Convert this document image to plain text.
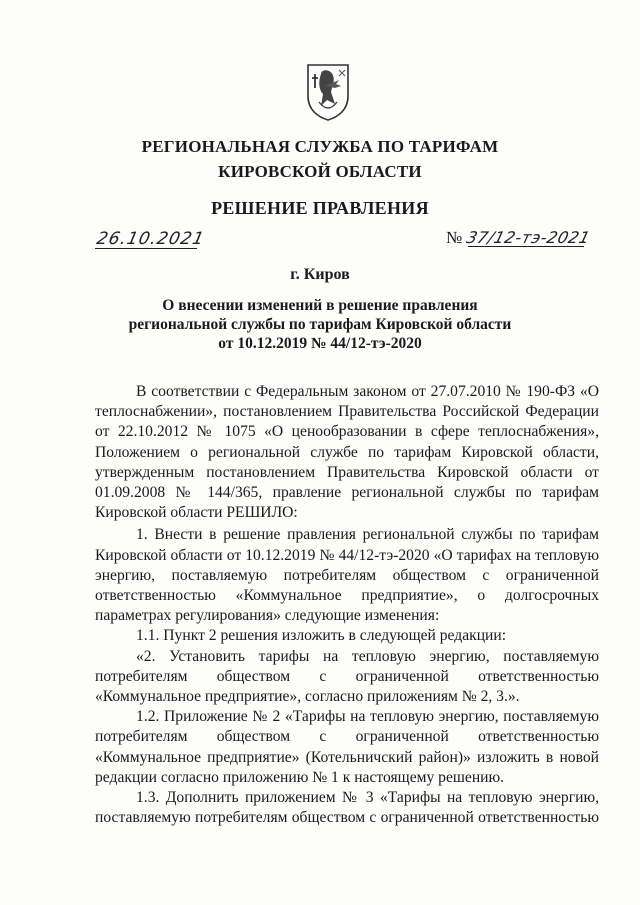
РЕГИОНАЛЬНАЯ СЛУЖБА ПО ТАРИФАМ
КИРОВСКОЙ ОБЛАСТИ
РЕШЕНИЕ ПРАВЛЕНИЯ
26.10.2021	№ 37/12-тэ-2021
г. Киров
О внесении изменений в решение правления
региональной службы по тарифам Кировской области
от 10.12.2019 № 44/12-тэ-2020

В соответствии с Федеральным законом от 27.07.2010 № 190-ФЗ «О теплоснабжении», постановлением Правительства Российской Федерации от 22.10.2012 № 1075 «О ценообразовании в сфере теплоснабжения», Положением о региональной службе по тарифам Кировской области, утвержденным постановлением Правительства Кировской области от 01.09.2008 № 144/365, правление региональной службы по тарифам Кировской области РЕШИЛО:

1. Внести в решение правления региональной службы по тарифам Кировской области от 10.12.2019 № 44/12-тэ-2020 «О тарифах на тепловую энергию, поставляемую потребителям обществом с ограниченной ответственностью «Коммунальное предприятие», о долгосрочных параметрах регулирования» следующие изменения:

1.1. Пункт 2 решения изложить в следующей редакции:

«2. Установить тарифы на тепловую энергию, поставляемую потребителям обществом с ограниченной ответственностью «Коммунальное предприятие», согласно приложениям № 2, 3.».

1.2. Приложение № 2 «Тарифы на тепловую энергию, поставляемую потребителям обществом с ограниченной ответственностью «Коммунальное предприятие» (Котельничский район)» изложить в новой редакции согласно приложению № 1 к настоящему решению.

1.3. Дополнить приложением № 3 «Тарифы на тепловую энергию, поставляемую потребителям обществом с ограниченной ответственностью
